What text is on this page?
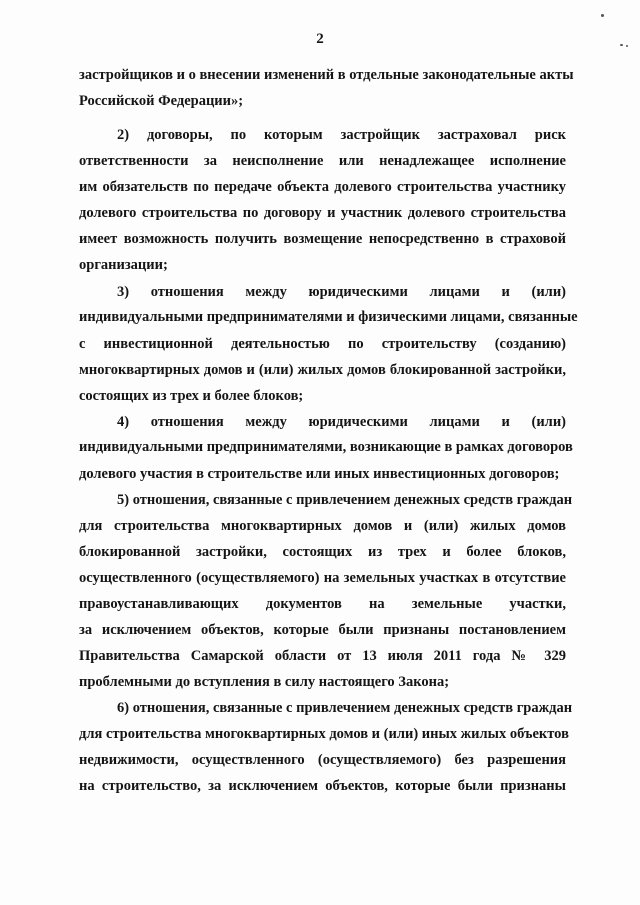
2
застройщиков и о внесении изменений в отдельные законодательные акты
Российской Федерации»;
2) договоры, по которым застройщик застраховал риск
ответственности за неисполнение или ненадлежащее исполнение
им обязательств по передаче объекта долевого строительства участнику
долевого строительства по договору и участник долевого строительства
имеет возможность получить возмещение непосредственно в страховой
организации;
3) отношения между юридическими лицами и (или)
индивидуальными предпринимателями и физическими лицами, связанные
с инвестиционной деятельностью по строительству (созданию)
многоквартирных домов и (или) жилых домов блокированной застройки,
состоящих из трех и более блоков;
4) отношения между юридическими лицами и (или)
индивидуальными предпринимателями, возникающие в рамках договоров
долевого участия в строительстве или иных инвестиционных договоров;
5) отношения, связанные с привлечением денежных средств граждан
для строительства многоквартирных домов и (или) жилых домов
блокированной застройки, состоящих из трех и более блоков,
осуществленного (осуществляемого) на земельных участках в отсутствие
правоустанавливающих документов на земельные участки,
за исключением объектов, которые были признаны постановлением
Правительства Самарской области от 13 июля 2011 года № 329
проблемными до вступления в силу настоящего Закона;
6) отношения, связанные с привлечением денежных средств граждан
для строительства многоквартирных домов и (или) иных жилых объектов
недвижимости, осуществленного (осуществляемого) без разрешения
на строительство, за исключением объектов, которые были признаны
